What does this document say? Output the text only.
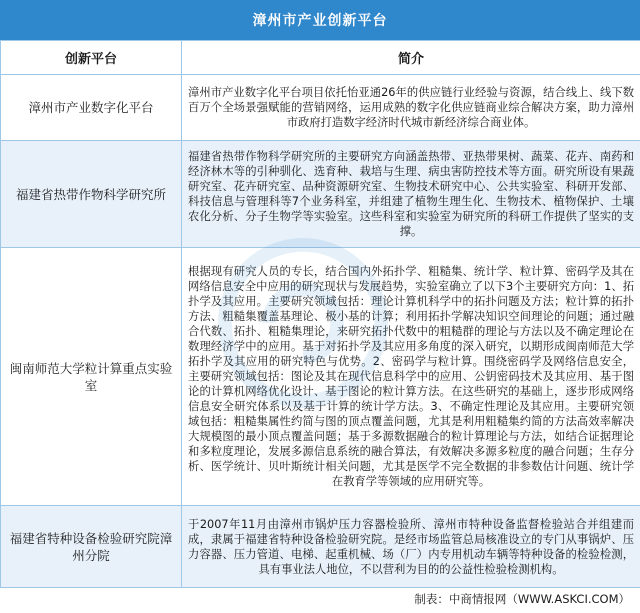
漳州市产业创新平台
创新平台	简介
漳州市产业数字化平台	漳州市产业数字化平台项目依托怡亚通26年的供应链行业经验与资源，结合线上、线下数百万个全场景强赋能的营销网络，运用成熟的数字化供应链商业综合解决方案，助力漳州市政府打造数字经济时代城市新经济综合商业体。
福建省热带作物科学研究所	福建省热带作物科学研究所的主要研究方向涵盖热带、亚热带果树、蔬菜、花卉、南药和经济林木等的引种驯化、选育种、栽培与生理、病虫害防控技术等方面。研究所设有果蔬研究室、花卉研究室、品种资源研究室、生物技术研究中心、公共实验室、科研开发部、科技信息与管理科等7个业务科室，并组建了植物生理生化、生物技术、植物保护、土壤农化分析、分子生物学等实验室。这些科室和实验室为研究所的科研工作提供了坚实的支撑。
闽南师范大学粒计算重点实验室	根据现有研究人员的专长，结合国内外拓扑学、粗糙集、统计学、粒计算、密码学及其在网络信息安全中应用的研究现状与发展趋势，实验室确立了以下3个主要研究方向：1、拓扑学及其应用。主要研究领域包括：理论计算机科学中的拓扑问题及方法；粒计算的拓扑方法、粗糙集覆盖基理论、极小基的计算；利用拓扑学解决知识空间理论的问题；通过融合代数、拓扑、粗糙集理论，来研究拓扑代数中的粗糙群的理论与方法以及不确定理论在数理经济学中的应用。基于对拓扑学及其应用多角度的深入研究，以期形成闽南师范大学拓扑学及其应用的研究特色与优势。2、密码学与粒计算。围绕密码学及网络信息安全，主要研究领域包括：图论及其在现代信息科学中的应用、公钥密码技术及其应用、基于图论的计算机网络优化设计、基于图论的粒计算方法。在这些研究的基础上，逐步形成网络信息安全研究体系以及基于计算的统计学方法。3、不确定性理论及其应用。主要研究领域包括：粗糙集属性约简与图的顶点覆盖问题，尤其是利用粗糙集约简的方法高效率解决大规模图的最小顶点覆盖问题；基于多源数据融合的粒计算理论与方法，如结合证据理论和多粒度理论，发展多源信息系统的融合算法，有效解决多源多粒度的融合问题；生存分析、医学统计、贝叶斯统计相关问题，尤其是医学不完全数据的非参数估计问题、统计学在教育学等领域的应用研究等。
福建省特种设备检验研究院漳州分院	于2007年11月由漳州市锅炉压力容器检验所、漳州市特种设备监督检验站合并组建而成，隶属于福建省特种设备检验研究院。是经市场监管总局核准设立的专门从事锅炉、压力容器、压力管道、电梯、起重机械、场（厂）内专用机动车辆等特种设备的检验检测，具有事业法人地位，不以营利为目的的公益性检验检测机构。
制表：中商情报网（WWW.ASKCI.COM）
